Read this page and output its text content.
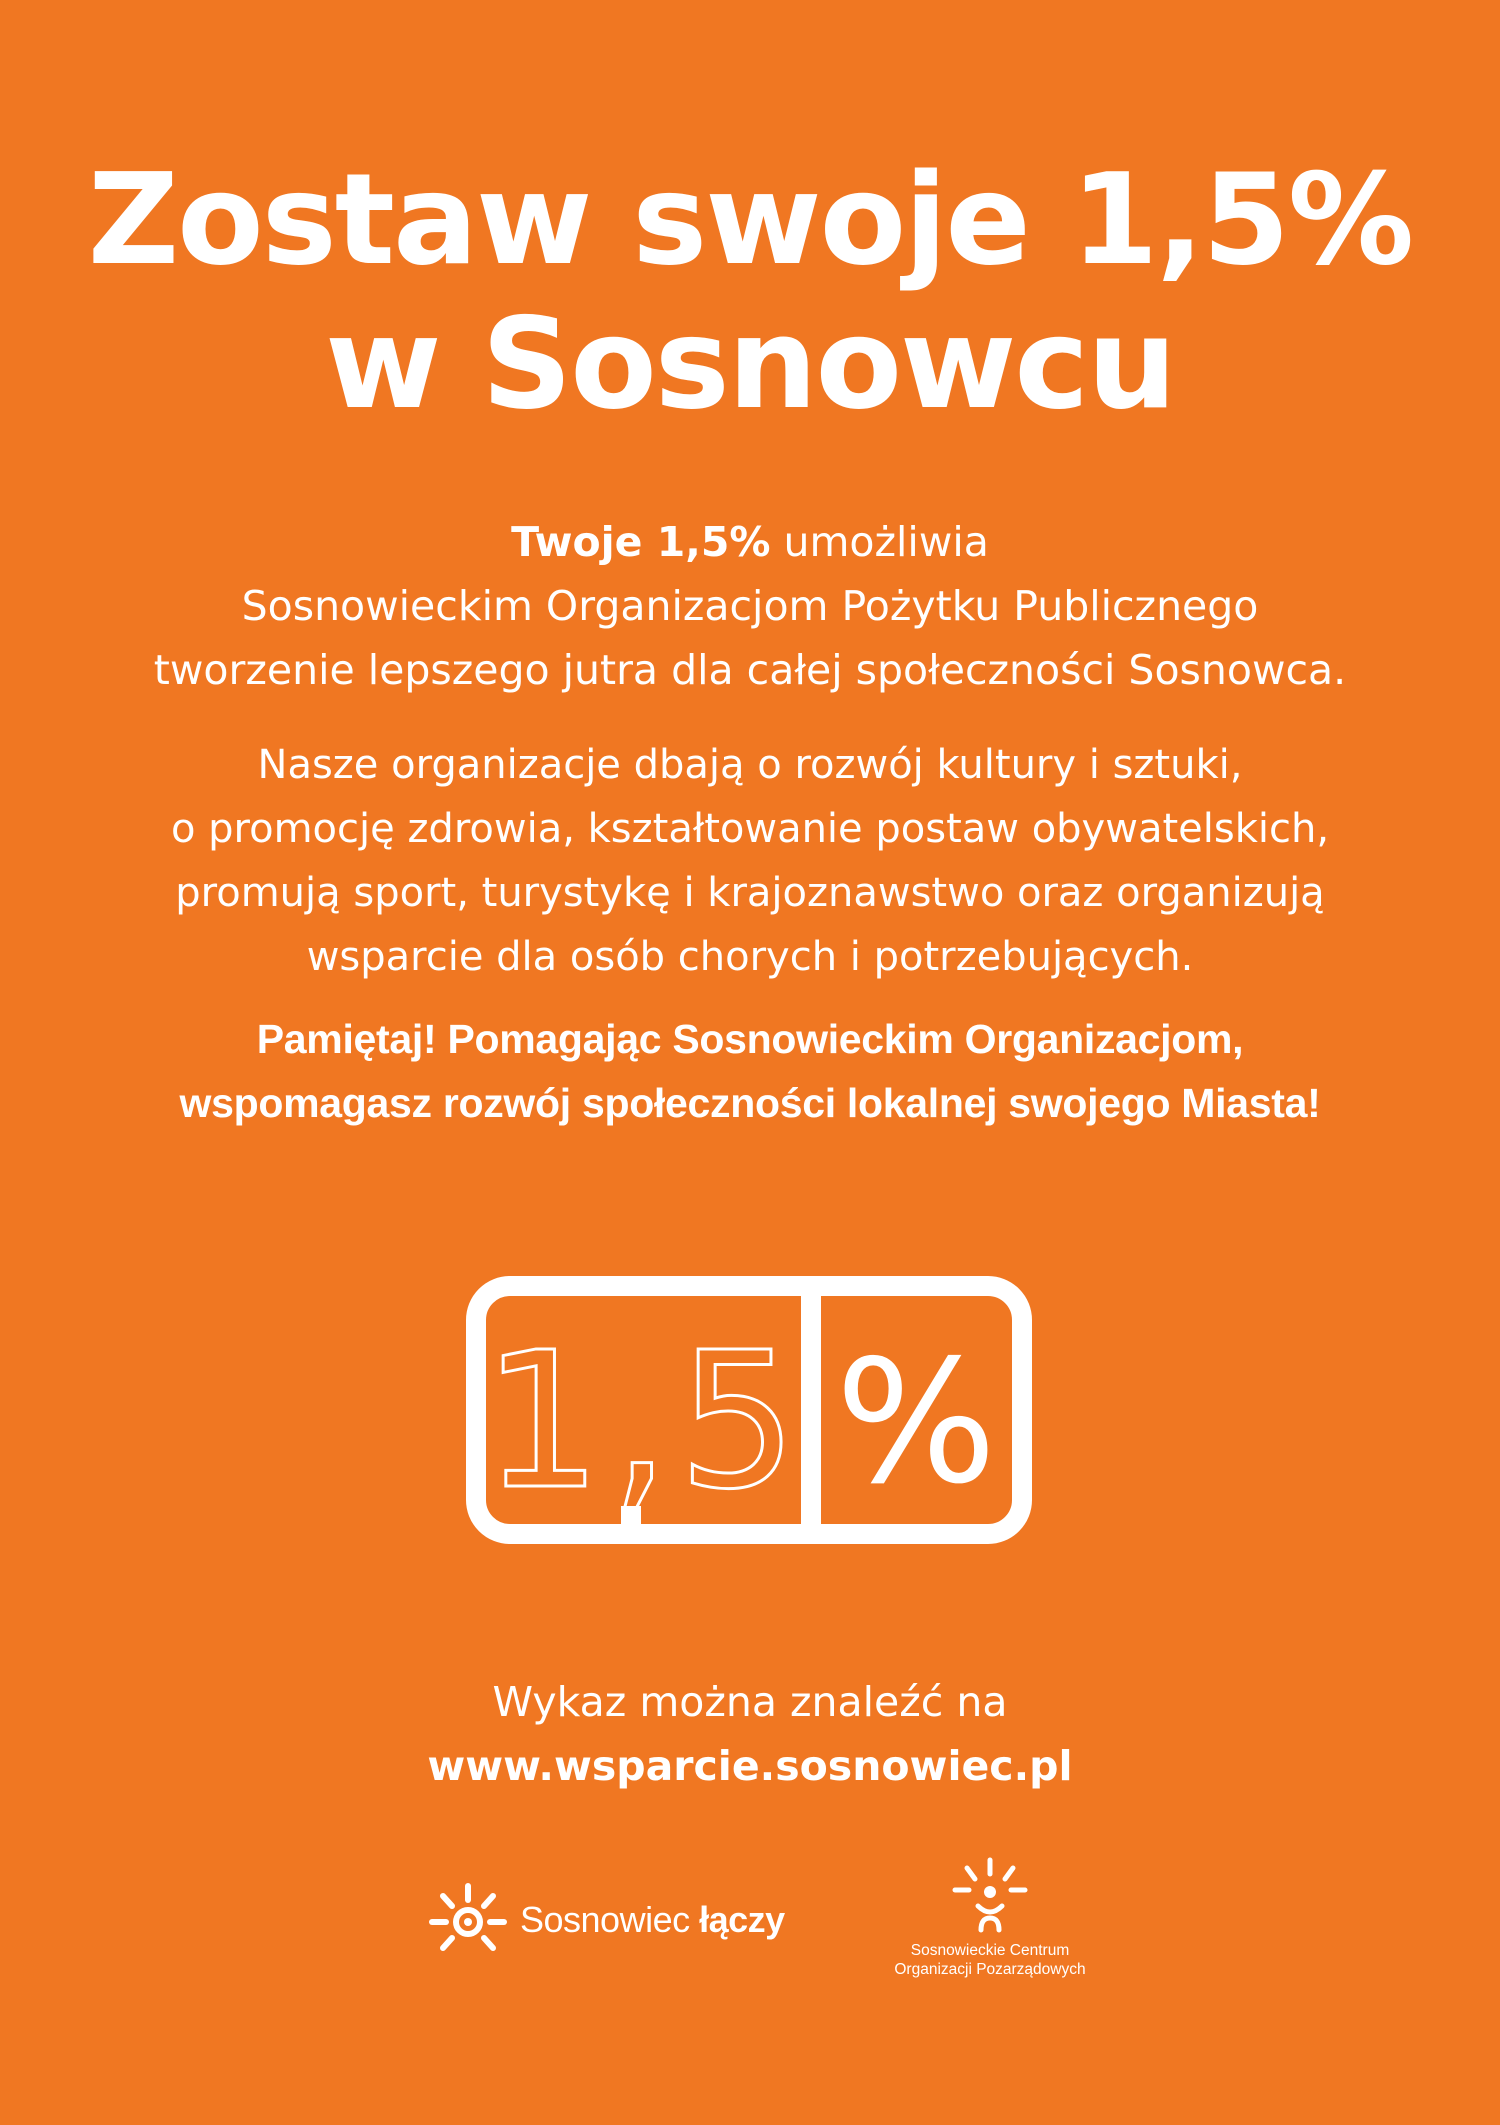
Zostaw swoje 1,5%
w Sosnowcu
Twoje 1,5% umożliwia
Sosnowieckim Organizacjom Pożytku Publicznego
tworzenie lepszego jutra dla całej społeczności Sosnowca.
Nasze organizacje dbają o rozwój kultury i sztuki,
o promocję zdrowia, kształtowanie postaw obywatelskich,
promują sport, turystykę i krajoznawstwo oraz organizują
wsparcie dla osób chorych i potrzebujących.
Pamiętaj! Pomagając Sosnowieckim Organizacjom,
wspomagasz rozwój społeczności lokalnej swojego Miasta!
1,5 %
Wykaz można znaleźć na
www.wsparcie.sosnowiec.pl
Sosnowiec łączy
Sosnowieckie Centrum
Organizacji Pozarządowych
